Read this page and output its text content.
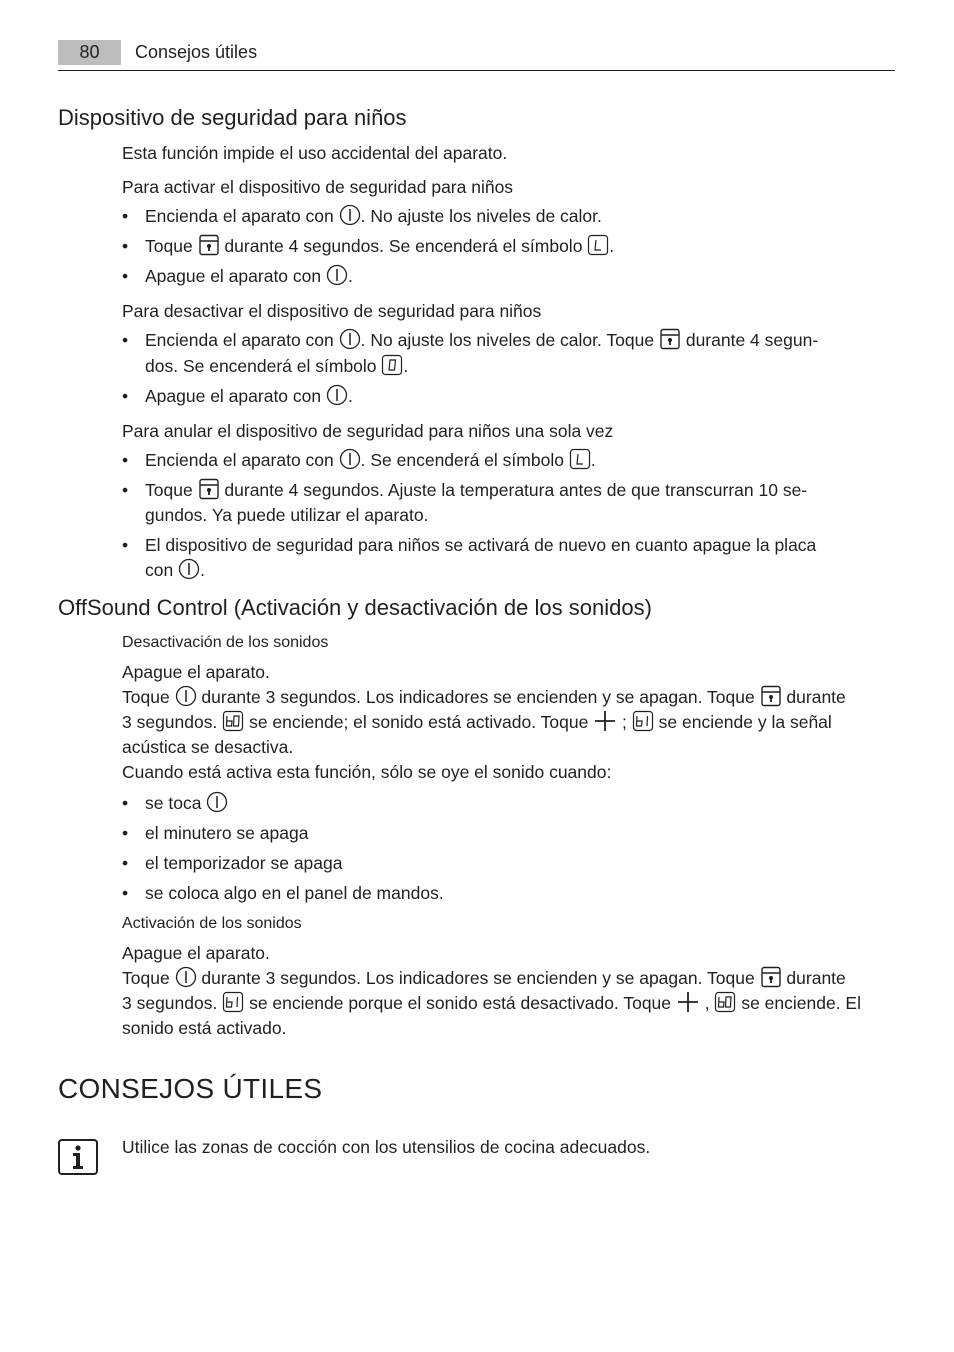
80	Consejos útiles
Dispositivo de seguridad para niños

Esta función impide el uso accidental del aparato.

Para activar el dispositivo de seguridad para niños

• Encienda el aparato con . No ajuste los niveles de calor.
• Toque  durante 4 segundos. Se encenderá el símbolo .
• Apague el aparato con .

Para desactivar el dispositivo de seguridad para niños

• Encienda el aparato con . No ajuste los niveles de calor. Toque  durante 4 segun-
dos. Se encenderá el símbolo .
• Apague el aparato con .

Para anular el dispositivo de seguridad para niños una sola vez

• Encienda el aparato con . Se encenderá el símbolo .
• Toque  durante 4 segundos. Ajuste la temperatura antes de que transcurran 10 se-
gundos. Ya puede utilizar el aparato.
• El dispositivo de seguridad para niños se activará de nuevo en cuanto apague la placa
con .
OffSound Control (Activación y desactivación de los sonidos)

Desactivación de los sonidos

Apague el aparato.

Toque  durante 3 segundos. Los indicadores se encienden y se apagan. Toque  durante

3 segundos.  se enciende; el sonido está activado. Toque  ;  se enciende y la señal

acústica se desactiva.

Cuando está activa esta función, sólo se oye el sonido cuando:

• se toca
• el minutero se apaga
• el temporizador se apaga
• se coloca algo en el panel de mandos.

Activación de los sonidos

Apague el aparato.

Toque  durante 3 segundos. Los indicadores se encienden y se apagan. Toque  durante

3 segundos.  se enciende porque el sonido está desactivado. Toque  ,  se enciende. El

sonido está activado.

CONSEJOS ÚTILES

Utilice las zonas de cocción con los utensilios de cocina adecuados.
